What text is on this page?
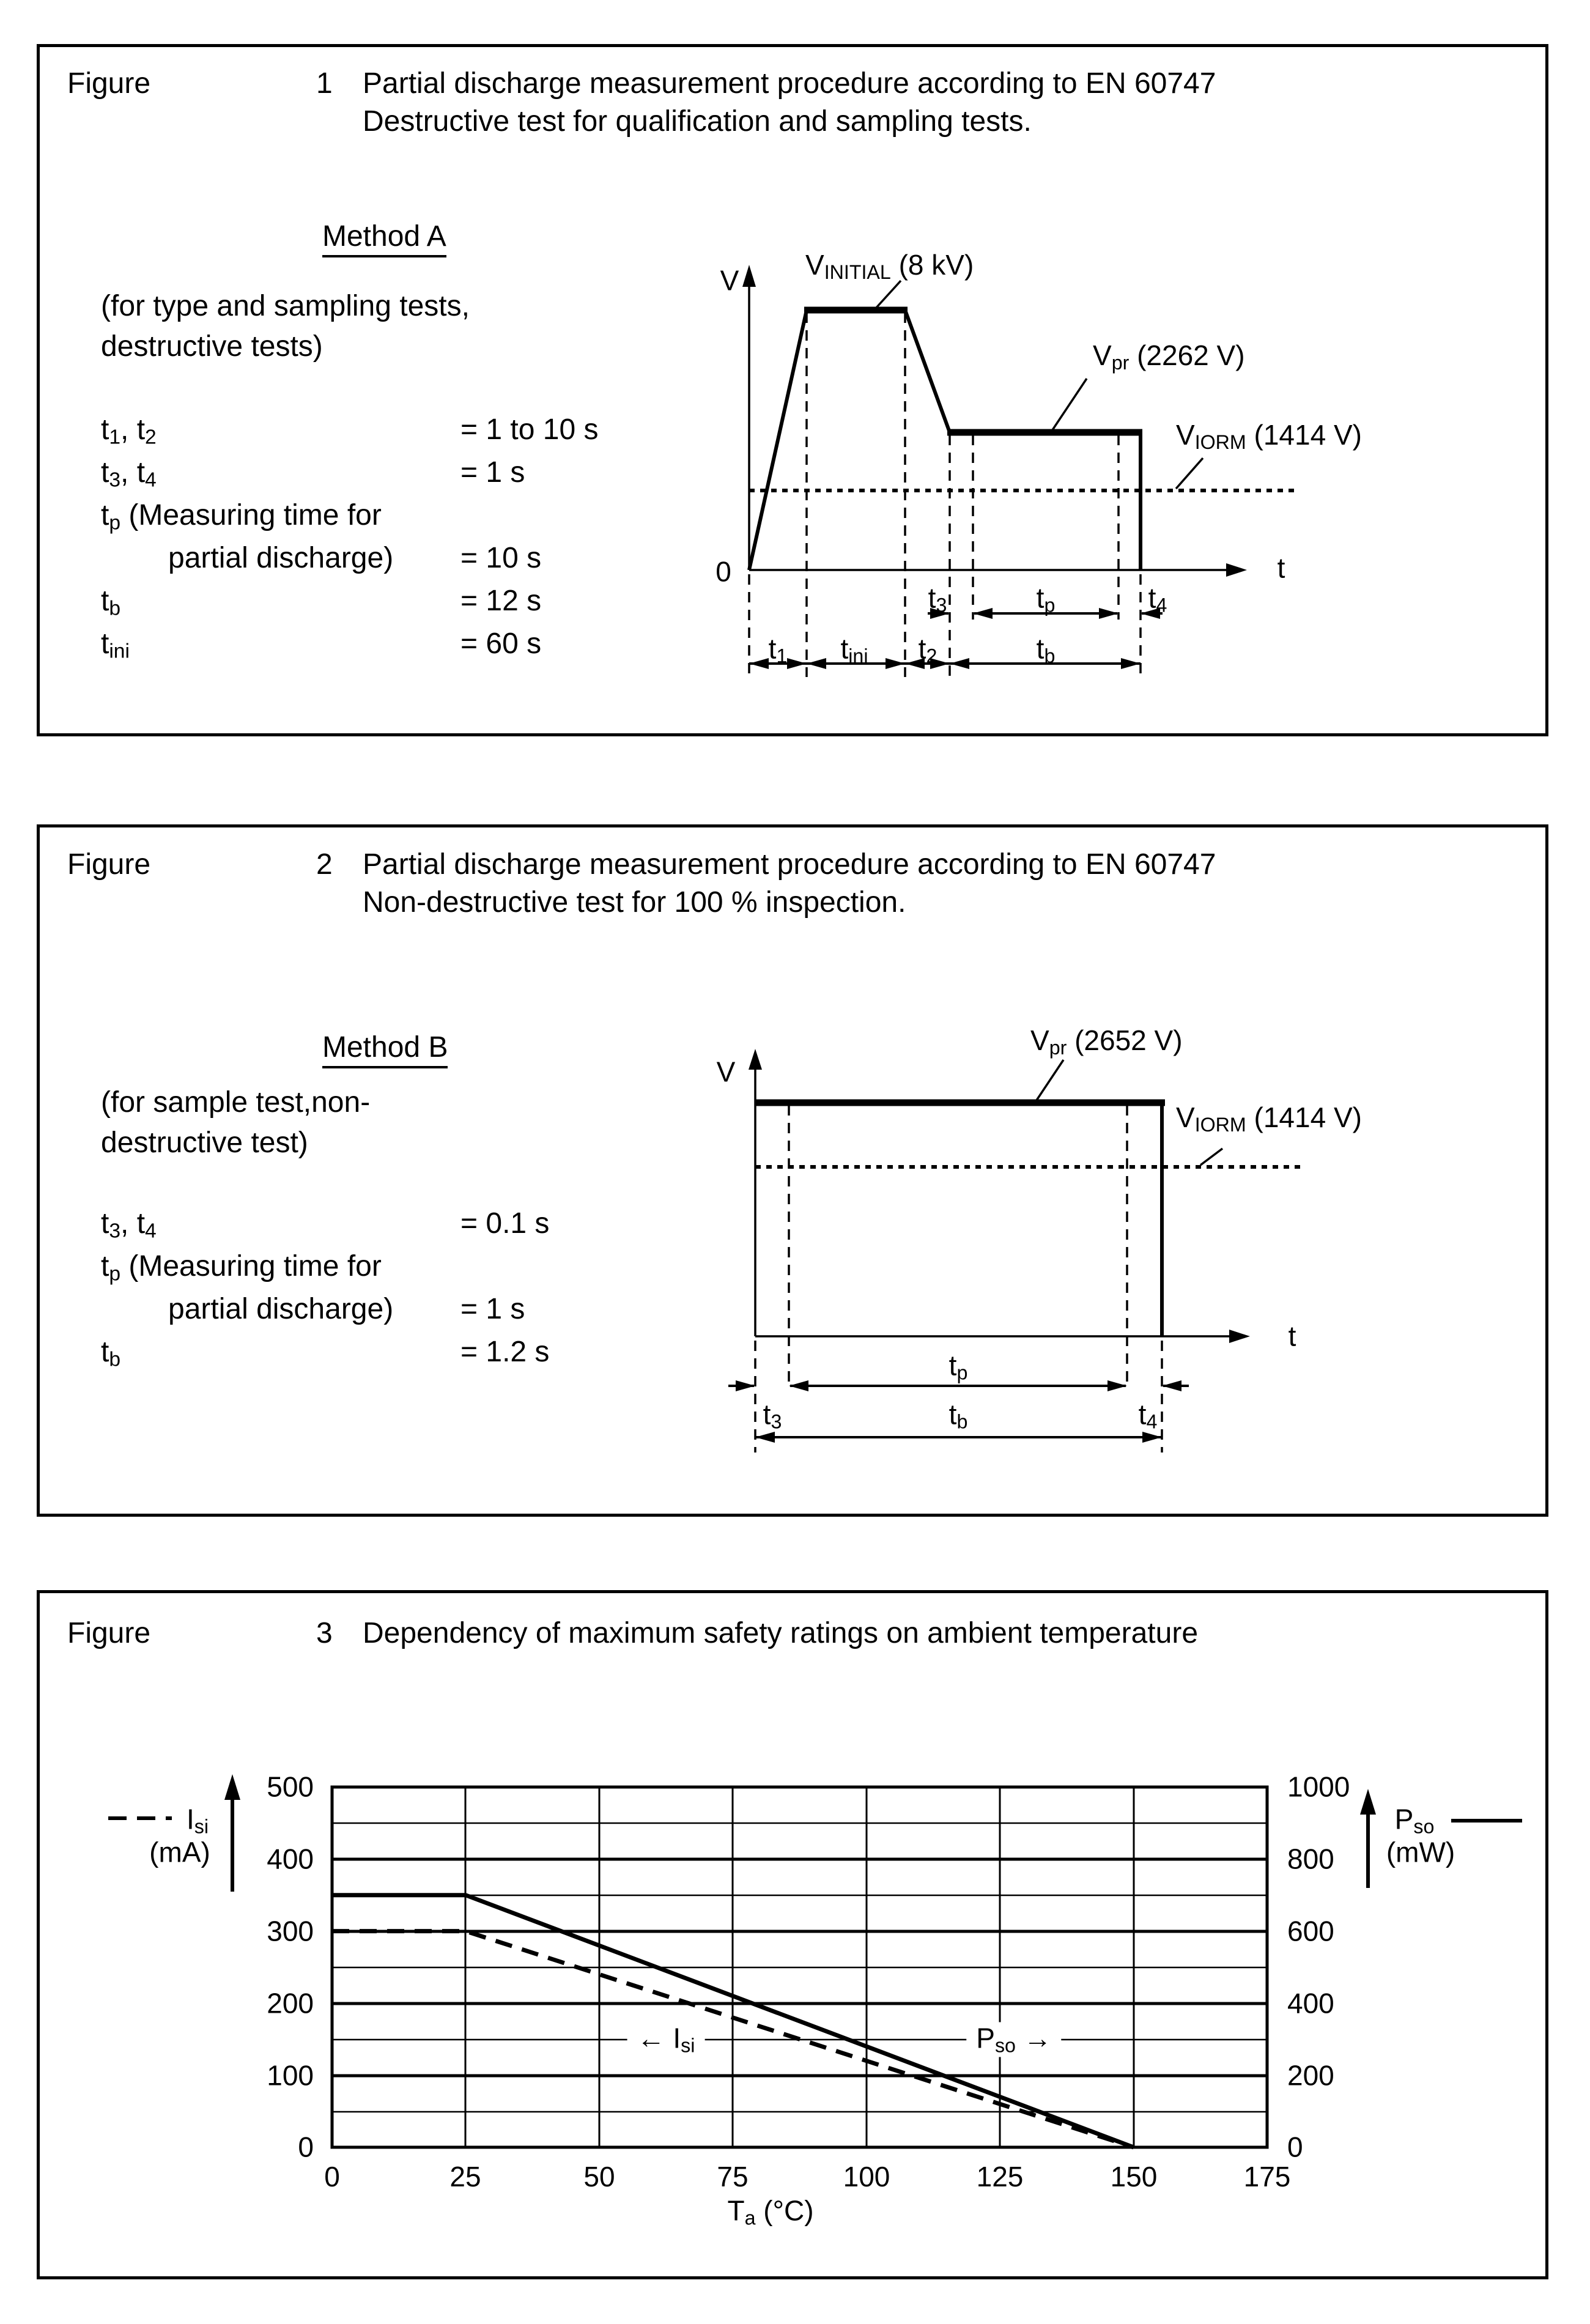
Figure	1 Partial discharge measurement procedure according to EN 60747
Destructive test for qualification and sampling tests.
Method A
(for type and sampling tests,
destructive tests)
t1, t2	= 1 to 10 s
t3, t4	= 1 s
tp (Measuring time for
partial discharge) = 10 s
tb	= 12 s
tini	= 60 s
V
0	t
VINITIAL (8 kV)
Vpr (2262 V)
VIORM (1414 V)
t3	tp	t4
t1 tini t2	tb
Figure	2 Partial discharge measurement procedure according to EN 60747
Non-destructive test for 100 % inspection.
Method B
(for sample test,non-
destructive test)
t3, t4	= 0.1 s
tp (Measuring time for
partial discharge) = 1 s
tb	= 1.2 s
V
t
Vpr (2652 V)
VIORM (1414 V)
tp
t3	tb	t4
Figure	3 Dependency of maximum safety ratings on ambient temperature
500
400
300
200
100
0
1000
800
600
400
200
0
0	25	50	75	100	125	150	175
Ta (°C)
Isi
(mA)
Pso
(mW)
← Isi	Pso →
